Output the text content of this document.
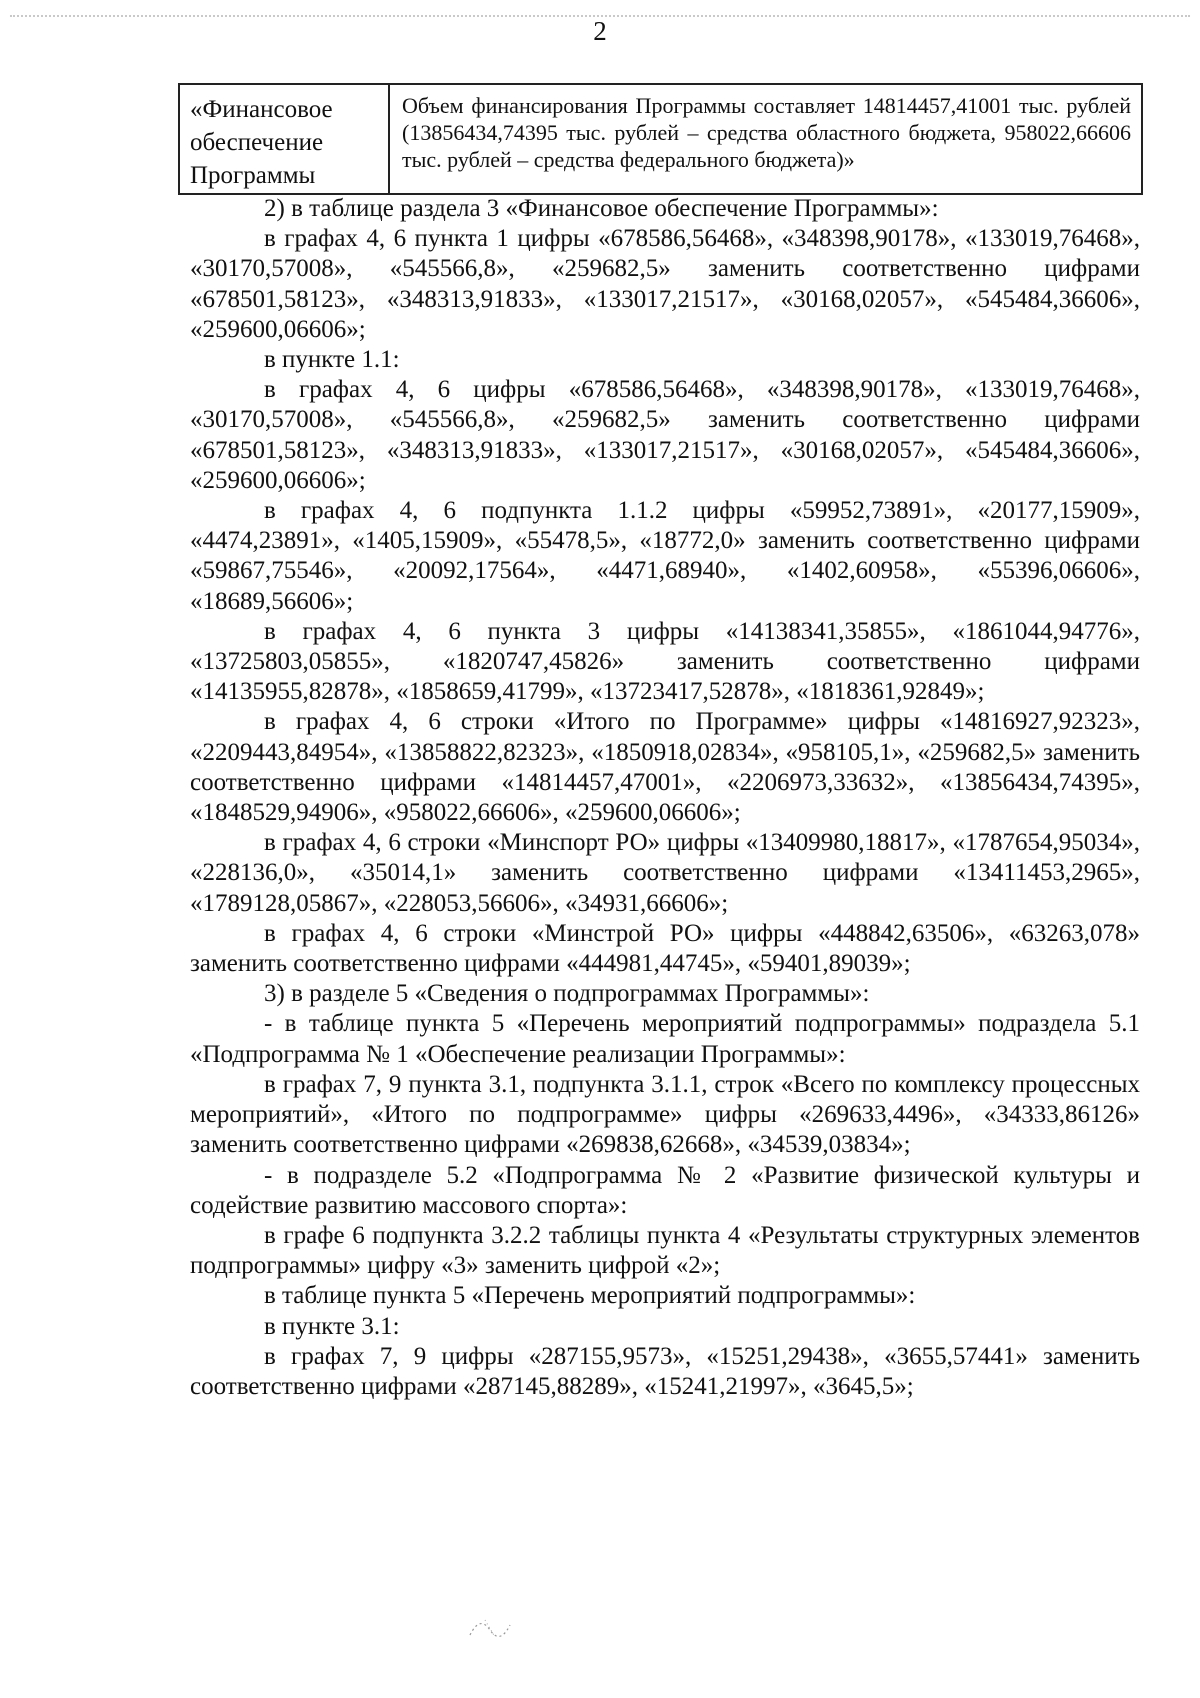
2
«Финансовое обеспечение Программы	Объем финансирования Программы составляет 14814457,41001 тыс. рублей (13856434,74395 тыс. рублей – средства областного бюджета, 958022,66606 тыс. рублей – средства федерального бюджета)»

2) в таблице раздела 3 «Финансовое обеспечение Программы»:

в графах 4, 6 пункта 1 цифры «678586,56468», «348398,90178», «133019,76468», «30170,57008», «545566,8», «259682,5» заменить соответственно цифрами «678501,58123», «348313,91833», «133017,21517», «30168,02057», «545484,36606», «259600,06606»;

в пункте 1.1:

в графах 4, 6 цифры «678586,56468», «348398,90178», «133019,76468», «30170,57008», «545566,8», «259682,5» заменить соответственно цифрами «678501,58123», «348313,91833», «133017,21517», «30168,02057», «545484,36606», «259600,06606»;

в графах 4, 6 подпункта 1.1.2 цифры «59952,73891», «20177,15909», «4474,23891», «1405,15909», «55478,5», «18772,0» заменить соответственно цифрами «59867,75546», «20092,17564», «4471,68940», «1402,60958», «55396,06606», «18689,56606»;

в графах 4, 6 пункта 3 цифры «14138341,35855», «1861044,94776», «13725803,05855», «1820747,45826» заменить соответственно цифрами «14135955,82878», «1858659,41799», «13723417,52878», «1818361,92849»;

в графах 4, 6 строки «Итого по Программе» цифры «14816927,92323», «2209443,84954», «13858822,82323», «1850918,02834», «958105,1», «259682,5» заменить соответственно цифрами «14814457,47001», «2206973,33632», «13856434,74395», «1848529,94906», «958022,66606», «259600,06606»;

в графах 4, 6 строки «Минспорт РО» цифры «13409980,18817», «1787654,95034», «228136,0», «35014,1» заменить соответственно цифрами «13411453,2965», «1789128,05867», «228053,56606», «34931,66606»;

в графах 4, 6 строки «Минстрой РО» цифры «448842,63506», «63263,078» заменить соответственно цифрами «444981,44745», «59401,89039»;

3) в разделе 5 «Сведения о подпрограммах Программы»:

- в таблице пункта 5 «Перечень мероприятий подпрограммы» подраздела 5.1 «Подпрограмма № 1 «Обеспечение реализации Программы»:

в графах 7, 9 пункта 3.1, подпункта 3.1.1, строк «Всего по комплексу процессных мероприятий», «Итого по подпрограмме» цифры «269633,4496», «34333,86126» заменить соответственно цифрами «269838,62668», «34539,03834»;

- в подразделе 5.2 «Подпрограмма № 2 «Развитие физической культуры и содействие развитию массового спорта»:

в графе 6 подпункта 3.2.2 таблицы пункта 4 «Результаты структурных элементов подпрограммы» цифру «3» заменить цифрой «2»;

в таблице пункта 5 «Перечень мероприятий подпрограммы»:

в пункте 3.1:

в графах 7, 9 цифры «287155,9573», «15251,29438», «3655,57441» заменить соответственно цифрами «287145,88289», «15241,21997», «3645,5»;
